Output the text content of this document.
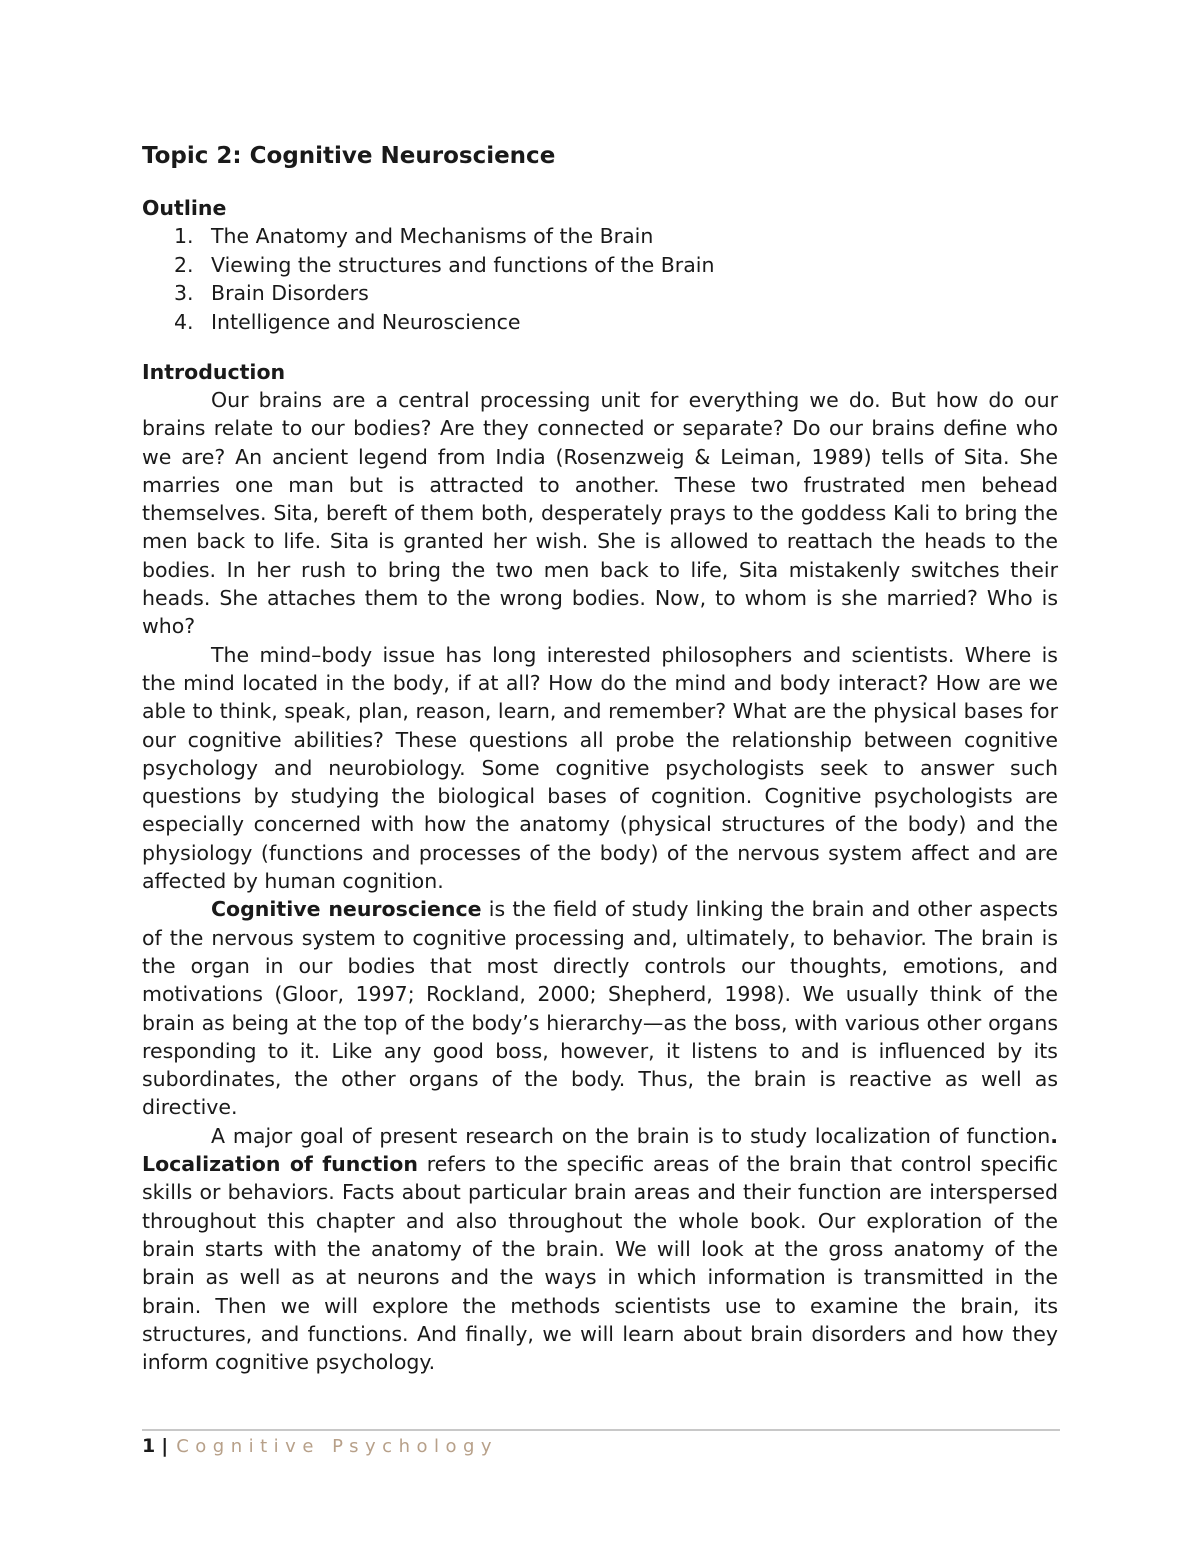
Topic 2: Cognitive Neuroscience
Outline
1. The Anatomy and Mechanisms of the Brain
2. Viewing the structures and functions of the Brain
3. Brain Disorders
4. Intelligence and Neuroscience
Introduction

Our brains are a central processing unit for everything we do. But how do our brains relate to our bodies? Are they connected or separate? Do our brains define who we are? An ancient legend from India (Rosenzweig & Leiman, 1989) tells of Sita. She marries one man but is attracted to another. These two frustrated men behead themselves. Sita, bereft of them both, desperately prays to the goddess Kali to bring the men back to life. Sita is granted her wish. She is allowed to reattach the heads to the bodies. In her rush to bring the two men back to life, Sita mistakenly switches their heads. She attaches them to the wrong bodies. Now, to whom is she married? Who is who?

The mind–body issue has long interested philosophers and scientists. Where is the mind located in the body, if at all? How do the mind and body interact? How are we able to think, speak, plan, reason, learn, and remember? What are the physical bases for our cognitive abilities? These questions all probe the relationship between cognitive psychology and neurobiology. Some cognitive psychologists seek to answer such questions by studying the biological bases of cognition. Cognitive psychologists are especially concerned with how the anatomy (physical structures of the body) and the physiology (functions and processes of the body) of the nervous system affect and are affected by human cognition.

Cognitive neuroscience is the field of study linking the brain and other aspects of the nervous system to cognitive processing and, ultimately, to behavior. The brain is the organ in our bodies that most directly controls our thoughts, emotions, and motivations (Gloor, 1997; Rockland, 2000; Shepherd, 1998). We usually think of the brain as being at the top of the body’s hierarchy—as the boss, with various other organs responding to it. Like any good boss, however, it listens to and is influenced by its subordinates, the other organs of the body. Thus, the brain is reactive as well as directive.

A major goal of present research on the brain is to study localization of function. Localization of function refers to the specific areas of the brain that control specific skills or behaviors. Facts about particular brain areas and their function are interspersed throughout this chapter and also throughout the whole book. Our exploration of the brain starts with the anatomy of the brain. We will look at the gross anatomy of the brain as well as at neurons and the ways in which information is transmitted in the brain. Then we will explore the methods scientists use to examine the brain, its structures, and functions. And finally, we will learn about brain disorders and how they inform cognitive psychology.

1 | Cognitive Psychology
